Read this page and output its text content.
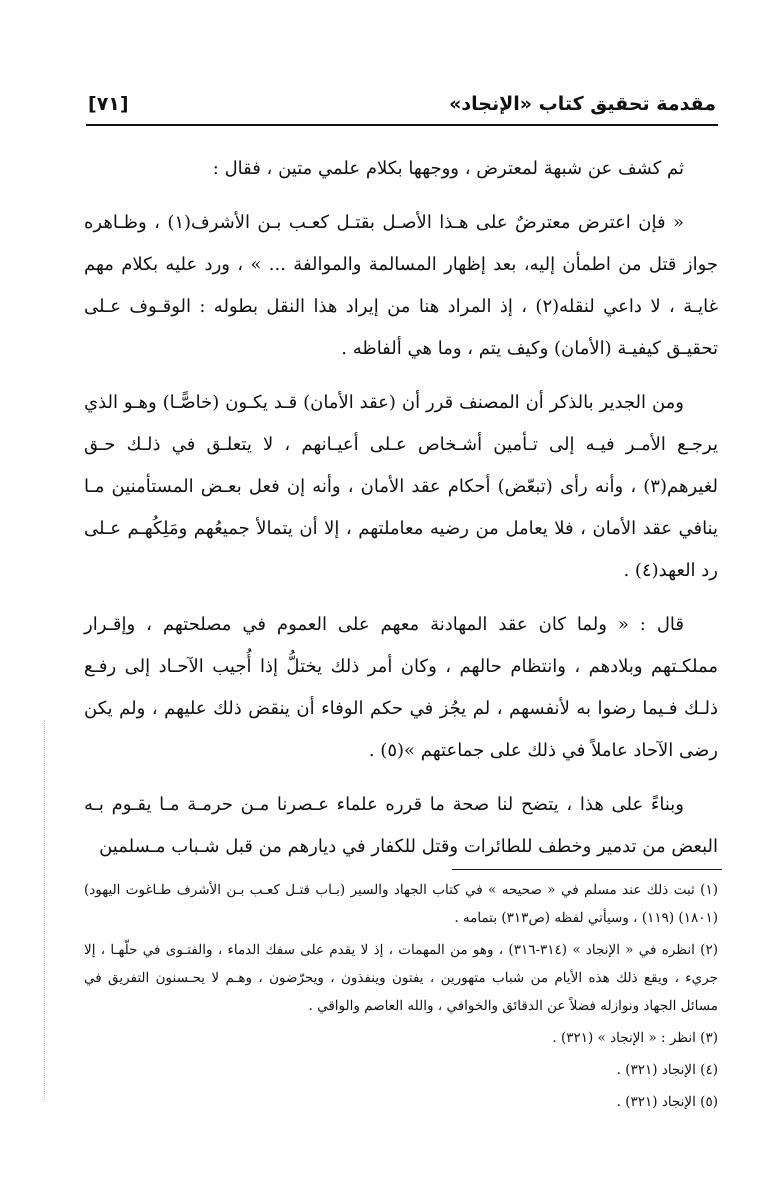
مقدمة تحقيق كتاب «الإنجاد»
[٧١]

ثم كشف عن شبهة لمعترض ، ووجهها بكلام علمي متين ، فقال :

« فإن اعترض معترضٌ على هـذا الأصـل بقتـل كعـب بـن الأشرف(١) ، وظـاهره جواز قتل من اطمأن إليه، بعد إظهار المسالمة والموالفة ... » ، ورد عليه بكلام مهم غايـة ، لا داعي لنقله(٢) ، إذ المراد هنا من إيراد هذا النقل بطوله : الوقـوف عـلى تحقيـق كيفيـة (الأمان) وكيف يتم ، وما هي ألفاظه .

ومن الجدير بالذكر أن المصنف قرر أن (عقد الأمان) قـد يكـون (خاصًّـا) وهـو الذي يرجـع الأمـر فيـه إلى تـأمين أشـخاص عـلى أعيـانهم ، لا يتعلـق في ذلـك حـق لغيرهم(٣) ، وأنه رأى (تبعّض) أحكام عقد الأمان ، وأنه إن فعل بعـض المستأمنين مـا ينافي عقد الأمان ، فلا يعامل من رضيه معاملتهم ، إلا أن يتمالأ جميعُهم ومَلِكُهـم عـلى رد العهد(٤) .

قال : « ولما كان عقد المهادنة معهم على العموم في مصلحتهم ، وإقـرار مملكـتهم وبلادهم ، وانتظام حالهم ، وكان أمر ذلك يختلُّ إذا أُجيب الآحـاد إلى رفـع ذلـك فـيما رضوا به لأنفسهم ، لم يجُز في حكم الوفاء أن ينقض ذلك عليهم ، ولم يكن رضى الآحاد عاملاً في ذلك على جماعتهم »(٥) .

وبناءً على هذا ، يتضح لنا صحة ما قرره علماء عـصرنا مـن حرمـة مـا يقـوم بـه البعض من تدمير وخطف للطائرات وقتل للكفار في ديارهم من قبل شـباب مـسلمين

(١) ثبت ذلك عند مسلم في « صحيحه » في كتاب الجهاد والسير (بـاب قتـل كعـب بـن الأشرف طـاغوت اليهود) (١٨٠١) (١١٩) ، وسيأتي لفظه (ص٣١٣) بتمامه .

(٢) انظره في « الإنجاد » (٣١٤-٣١٦) ، وهو من المهمات ، إذ لا يقدم على سفك الدماء ، والفتـوى في حلّهـا ، إلا جريء ، ويقع ذلك هذه الأيام من شباب متهورين ، يفتون وينفذون ، ويحرّضون ، وهـم لا يحـسنون التفريق في مسائل الجهاد ونوازله فضلاً عن الدقائق والخوافي ، والله العاصم والواقي .

(٣) انظر : « الإنجاد » (٣٢١) .

(٤) الإنجاد (٣٢١) .

(٥) الإنجاد (٣٢١) .
